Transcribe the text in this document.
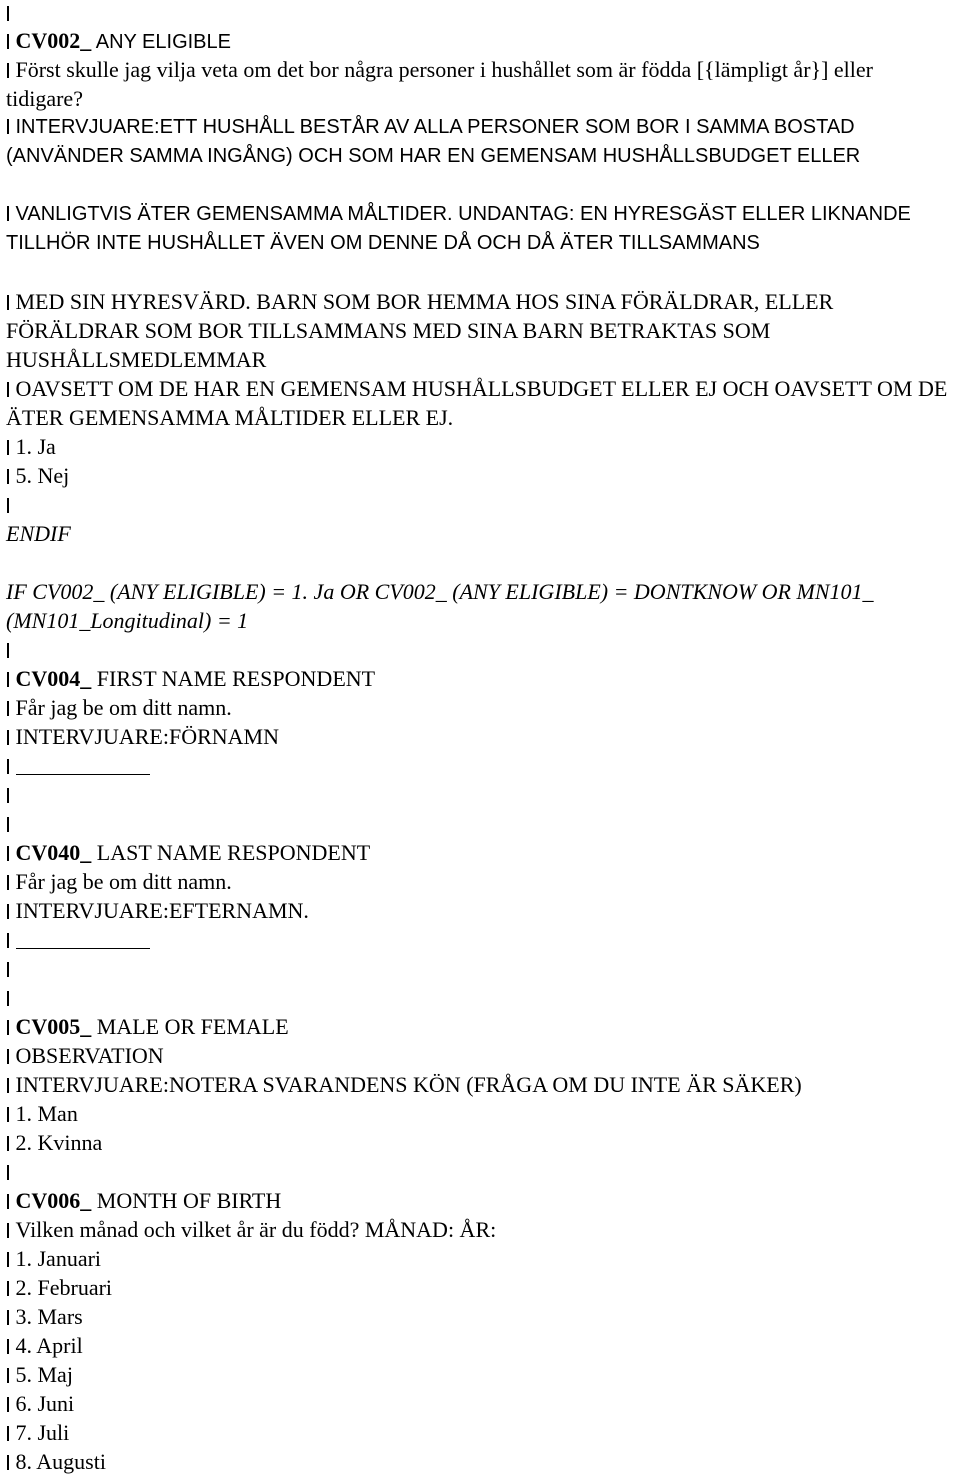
CV002_ ANY ELIGIBLE
Först skulle jag vilja veta om det bor några personer i hushållet som är födda [{lämpligt år}] eller tidigare?
INTERVJUARE:ETT HUSHÅLL BESTÅR AV ALLA PERSONER SOM BOR I SAMMA BOSTAD (ANVÄNDER SAMMA INGÅNG) OCH SOM HAR EN GEMENSAM HUSHÅLLSBUDGET ELLER
VANLIGTVIS ÄTER GEMENSAMMA MÅLTIDER. UNDANTAG: EN HYRESGÄST ELLER LIKNANDE TILLHÖR INTE HUSHÅLLET ÄVEN OM DENNE DÅ OCH DÅ ÄTER TILLSAMMANS
MED SIN HYRESVÄRD. BARN SOM BOR HEMMA HOS SINA FÖRÄLDRAR, ELLER FÖRÄLDRAR SOM BOR TILLSAMMANS MED SINA BARN BETRAKTAS SOM HUSHÅLLSMEDLEMMAR
OAVSETT OM DE HAR EN GEMENSAM HUSHÅLLSBUDGET ELLER EJ OCH OAVSETT OM DE ÄTER GEMENSAMMA MÅLTIDER ELLER EJ.
1. Ja
5. Nej
ENDIF
IF CV002_ (ANY ELIGIBLE) = 1. Ja OR CV002_ (ANY ELIGIBLE) = DONTKNOW OR MN101_ (MN101_Longitudinal) = 1
CV004_ FIRST NAME RESPONDENT
Får jag be om ditt namn.
INTERVJUARE:FÖRNAMN
CV040_ LAST NAME RESPONDENT
Får jag be om ditt namn.
INTERVJUARE:EFTERNAMN.
CV005_ MALE OR FEMALE
OBSERVATION
INTERVJUARE:NOTERA SVARANDENS KÖN (FRÅGA OM DU INTE ÄR SÄKER)
1. Man
2. Kvinna
CV006_ MONTH OF BIRTH
Vilken månad och vilket år är du född? MÅNAD: ÅR:
1. Januari
2. Februari
3. Mars
4. April
5. Maj
6. Juni
7. Juli
8. Augusti
